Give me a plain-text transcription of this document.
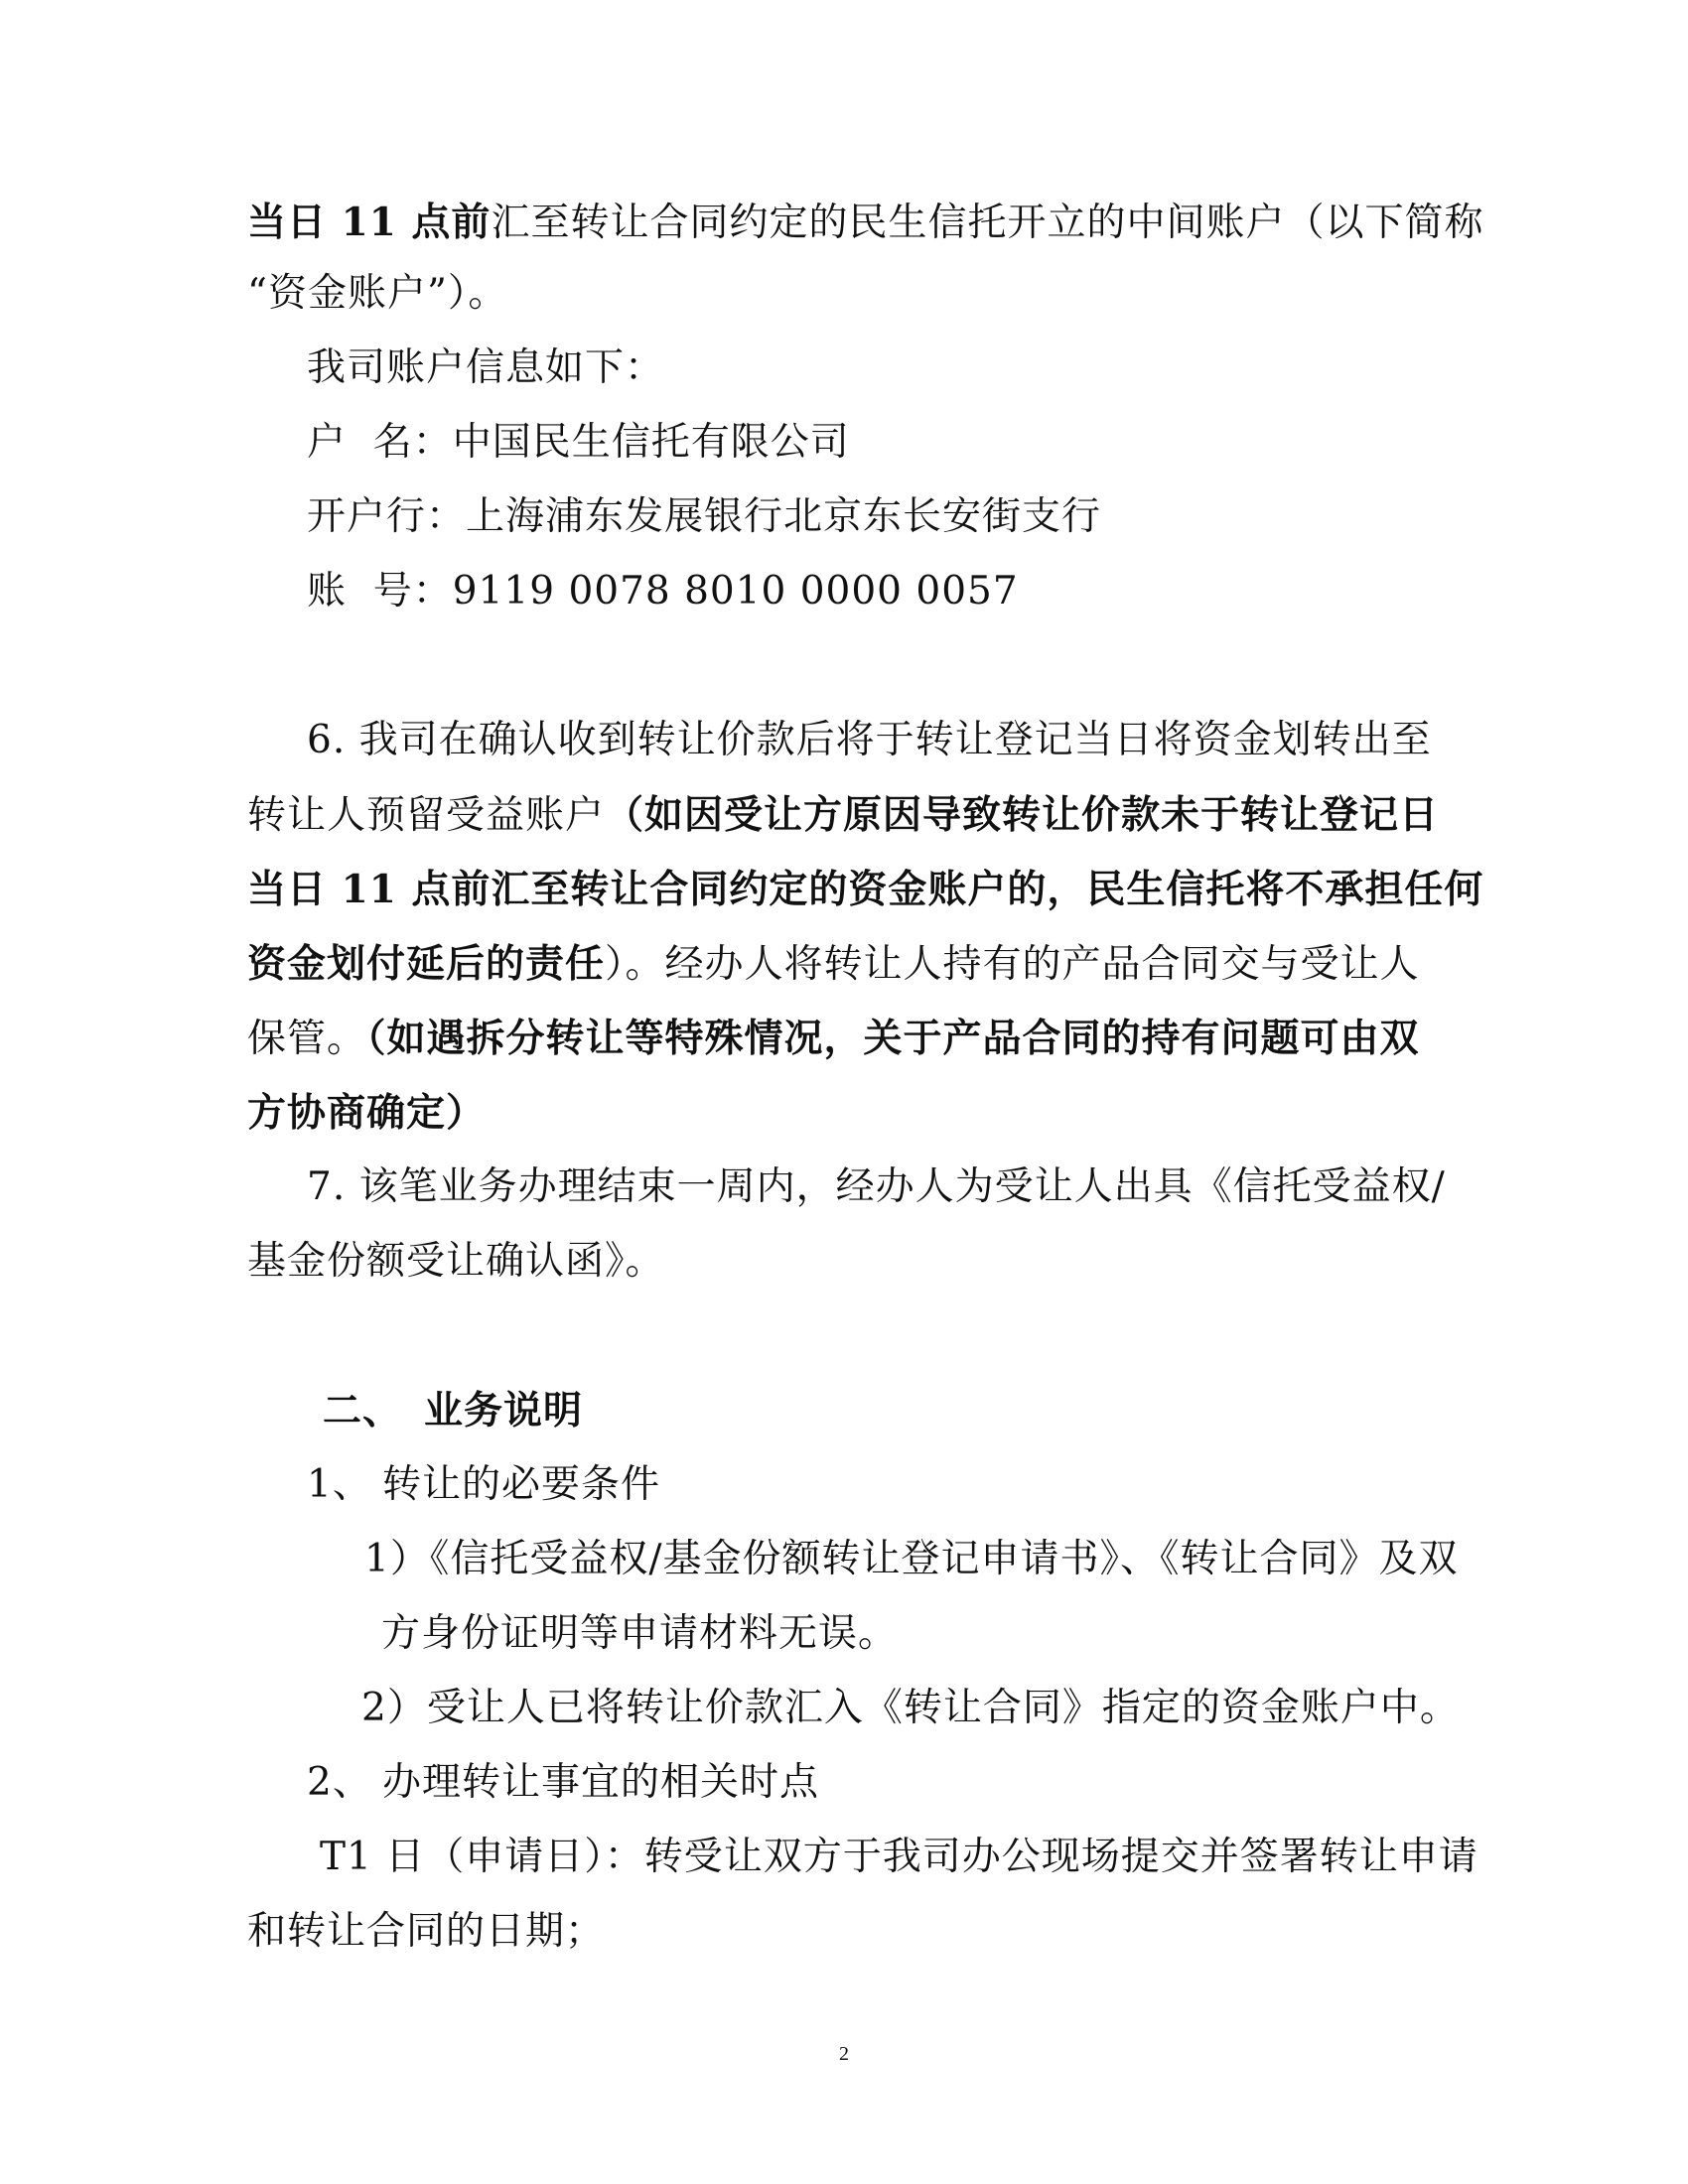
当日 11 点前汇至转让合同约定的民生信托开立的中间账户（以下简称
“资金账户”）。
我司账户信息如下：
户  名：中国民生信托有限公司
开户行：上海浦东发展银行北京东长安街支行
账  号：9119 0078 8010 0000 0057
6. 我司在确认收到转让价款后将于转让登记当日将资金划转出至
转让人预留受益账户（如因受让方原因导致转让价款未于转让登记日
当日 11 点前汇至转让合同约定的资金账户的，民生信托将不承担任何
资金划付延后的责任）。经办人将转让人持有的产品合同交与受让人
保管。（如遇拆分转让等特殊情况，关于产品合同的持有问题可由双
方协商确定）
7. 该笔业务办理结束一周内，经办人为受让人出具《信托受益权/
基金份额受让确认函》。
二、 业务说明
1、 转让的必要条件
1）《信托受益权/基金份额转让登记申请书》、《转让合同》及双
方身份证明等申请材料无误。
2）受让人已将转让价款汇入《转让合同》指定的资金账户中。
2、 办理转让事宜的相关时点
T1 日（申请日）：转受让双方于我司办公现场提交并签署转让申请
和转让合同的日期；
2
